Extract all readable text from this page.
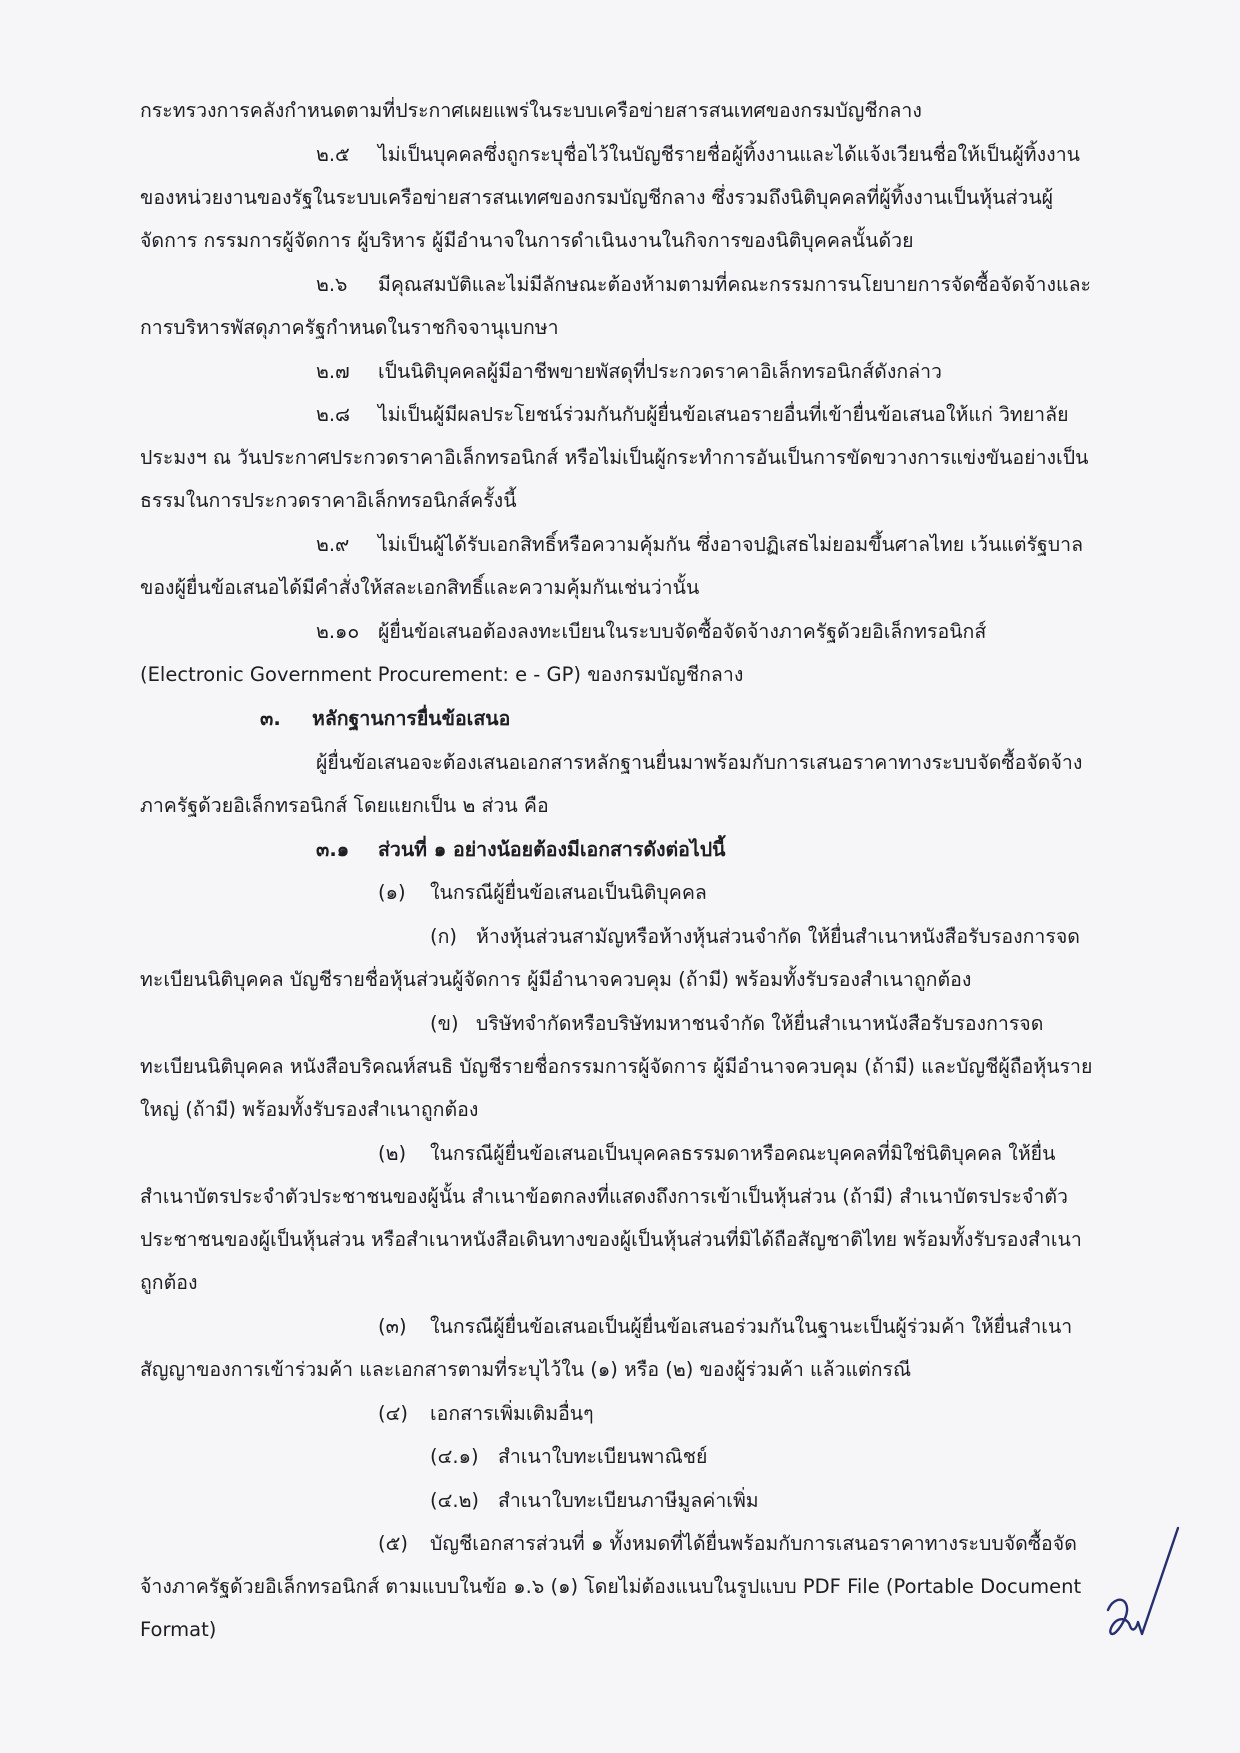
กระทรวงการคลังกำหนดตามที่ประกาศเผยแพร่ในระบบเครือข่ายสารสนเทศของกรมบัญชีกลาง
๒.๕ ไม่เป็นบุคคลซึ่งถูกระบุชื่อไว้ในบัญชีรายชื่อผู้ทิ้งงานและได้แจ้งเวียนชื่อให้เป็นผู้ทิ้งงาน
ของหน่วยงานของรัฐในระบบเครือข่ายสารสนเทศของกรมบัญชีกลาง ซึ่งรวมถึงนิติบุคคลที่ผู้ทิ้งงานเป็นหุ้นส่วนผู้
จัดการ กรรมการผู้จัดการ ผู้บริหาร ผู้มีอำนาจในการดำเนินงานในกิจการของนิติบุคคลนั้นด้วย
๒.๖ มีคุณสมบัติและไม่มีลักษณะต้องห้ามตามที่คณะกรรมการนโยบายการจัดซื้อจัดจ้างและ
การบริหารพัสดุภาครัฐกำหนดในราชกิจจานุเบกษา
๒.๗ เป็นนิติบุคคลผู้มีอาชีพขายพัสดุที่ประกวดราคาอิเล็กทรอนิกส์ดังกล่าว
๒.๘ ไม่เป็นผู้มีผลประโยชน์ร่วมกันกับผู้ยื่นข้อเสนอรายอื่นที่เข้ายื่นข้อเสนอให้แก่ วิทยาลัย
ประมงฯ ณ วันประกาศประกวดราคาอิเล็กทรอนิกส์ หรือไม่เป็นผู้กระทำการอันเป็นการขัดขวางการแข่งขันอย่างเป็น
ธรรมในการประกวดราคาอิเล็กทรอนิกส์ครั้งนี้
๒.๙ ไม่เป็นผู้ได้รับเอกสิทธิ์หรือความคุ้มกัน ซึ่งอาจปฏิเสธไม่ยอมขึ้นศาลไทย เว้นแต่รัฐบาล
ของผู้ยื่นข้อเสนอได้มีคำสั่งให้สละเอกสิทธิ์และความคุ้มกันเช่นว่านั้น
๒.๑๐ ผู้ยื่นข้อเสนอต้องลงทะเบียนในระบบจัดซื้อจัดจ้างภาครัฐด้วยอิเล็กทรอนิกส์
(Electronic Government Procurement: e - GP) ของกรมบัญชีกลาง
๓. หลักฐานการยื่นข้อเสนอ
ผู้ยื่นข้อเสนอจะต้องเสนอเอกสารหลักฐานยื่นมาพร้อมกับการเสนอราคาทางระบบจัดซื้อจัดจ้าง
ภาครัฐด้วยอิเล็กทรอนิกส์ โดยแยกเป็น ๒ ส่วน คือ
๓.๑ ส่วนที่ ๑ อย่างน้อยต้องมีเอกสารดังต่อไปนี้
(๑) ในกรณีผู้ยื่นข้อเสนอเป็นนิติบุคคล
(ก) ห้างหุ้นส่วนสามัญหรือห้างหุ้นส่วนจำกัด ให้ยื่นสำเนาหนังสือรับรองการจด
ทะเบียนนิติบุคคล บัญชีรายชื่อหุ้นส่วนผู้จัดการ ผู้มีอำนาจควบคุม (ถ้ามี) พร้อมทั้งรับรองสำเนาถูกต้อง
(ข) บริษัทจำกัดหรือบริษัทมหาชนจำกัด ให้ยื่นสำเนาหนังสือรับรองการจด
ทะเบียนนิติบุคคล หนังสือบริคณห์สนธิ บัญชีรายชื่อกรรมการผู้จัดการ ผู้มีอำนาจควบคุม (ถ้ามี) และบัญชีผู้ถือหุ้นราย
ใหญ่ (ถ้ามี) พร้อมทั้งรับรองสำเนาถูกต้อง
(๒) ในกรณีผู้ยื่นข้อเสนอเป็นบุคคลธรรมดาหรือคณะบุคคลที่มิใช่นิติบุคคล ให้ยื่น
สำเนาบัตรประจำตัวประชาชนของผู้นั้น สำเนาข้อตกลงที่แสดงถึงการเข้าเป็นหุ้นส่วน (ถ้ามี) สำเนาบัตรประจำตัว
ประชาชนของผู้เป็นหุ้นส่วน หรือสำเนาหนังสือเดินทางของผู้เป็นหุ้นส่วนที่มิได้ถือสัญชาติไทย พร้อมทั้งรับรองสำเนา
ถูกต้อง
(๓) ในกรณีผู้ยื่นข้อเสนอเป็นผู้ยื่นข้อเสนอร่วมกันในฐานะเป็นผู้ร่วมค้า ให้ยื่นสำเนา
สัญญาของการเข้าร่วมค้า และเอกสารตามที่ระบุไว้ใน (๑) หรือ (๒) ของผู้ร่วมค้า แล้วแต่กรณี
(๔) เอกสารเพิ่มเติมอื่นๆ
(๔.๑) สำเนาใบทะเบียนพาณิชย์
(๔.๒) สำเนาใบทะเบียนภาษีมูลค่าเพิ่ม
(๕) บัญชีเอกสารส่วนที่ ๑ ทั้งหมดที่ได้ยื่นพร้อมกับการเสนอราคาทางระบบจัดซื้อจัด
จ้างภาครัฐด้วยอิเล็กทรอนิกส์ ตามแบบในข้อ ๑.๖ (๑) โดยไม่ต้องแนบในรูปแบบ PDF File (Portable Document
Format)
